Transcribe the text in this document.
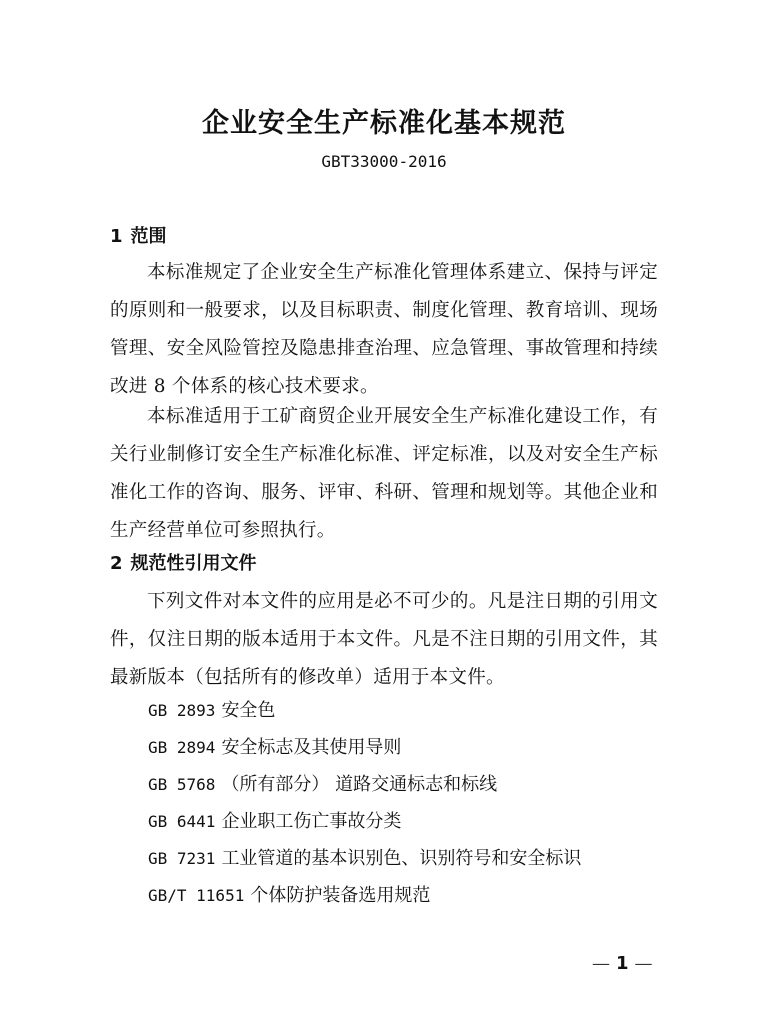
企业安全生产标准化基本规范
GBT33000-2016
1 范围

本标准规定了企业安全生产标准化管理体系建立、保持与评定的原则和一般要求，以及目标职责、制度化管理、教育培训、现场管理、安全风险管控及隐患排查治理、应急管理、事故管理和持续改进 8 个体系的核心技术要求。

本标准适用于工矿商贸企业开展安全生产标准化建设工作，有关行业制修订安全生产标准化标准、评定标准，以及对安全生产标准化工作的咨询、服务、评审、科研、管理和规划等。其他企业和生产经营单位可参照执行。

2 规范性引用文件

下列文件对本文件的应用是必不可少的。凡是注日期的引用文件，仅注日期的版本适用于本文件。凡是不注日期的引用文件，其最新版本（包括所有的修改单）适用于本文件。

GB 2893 安全色
GB 2894 安全标志及其使用导则
GB 5768 （所有部分） 道路交通标志和标线
GB 6441 企业职工伤亡事故分类
GB 7231 工业管道的基本识别色、识别符号和安全标识
GB/T 11651 个体防护装备选用规范
— 1 —
